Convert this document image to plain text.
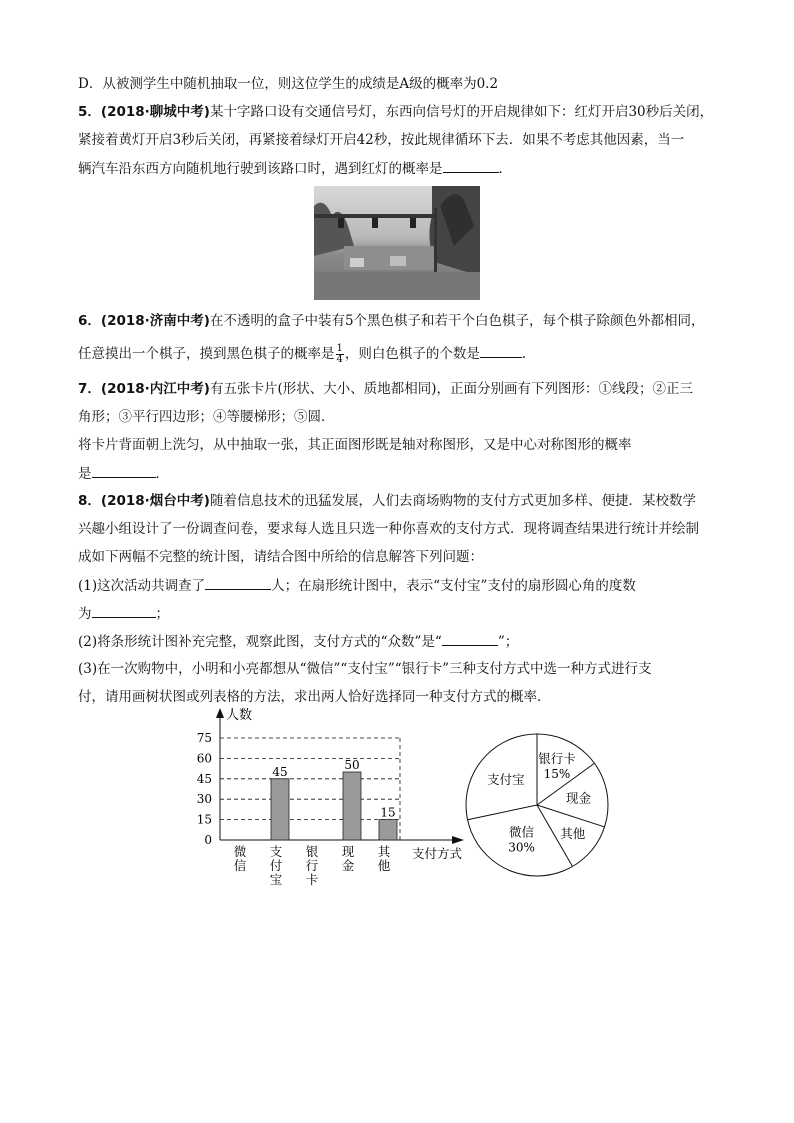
D．从被测学生中随机抽取一位，则这位学生的成绩是A级的概率为0.2
5．(2018·聊城中考)某十字路口设有交通信号灯，东西向信号灯的开启规律如下：红灯开启30秒后关闭，
紧接着黄灯开启3秒后关闭，再紧接着绿灯开启42秒，按此规律循环下去．如果不考虑其他因素，当一
辆汽车沿东西方向随机地行驶到该路口时，遇到红灯的概率是	．
6．(2018·济南中考)在不透明的盒子中装有5个黑色棋子和若干个白色棋子，每个棋子除颜色外都相同，
任意摸出一个棋子，摸到黑色棋子的概率是 $\frac{1}{4}$ ，则白色棋子的个数是	．
7．(2018·内江中考)有五张卡片(形状、大小、质地都相同)，正面分别画有下列图形：①线段；②正三
角形；③平行四边形；④等腰梯形；⑤圆．
将卡片背面朝上洗匀，从中抽取一张，其正面图形既是轴对称图形，又是中心对称图形的概率
是	．
8．(2018·烟台中考)随着信息技术的迅猛发展，人们去商场购物的支付方式更加多样、便捷．某校数学
兴趣小组设计了一份调查问卷，要求每人选且只选一种你喜欢的支付方式．现将调查结果进行统计并绘制
成如下两幅不完整的统计图，请结合图中所给的信息解答下列问题：
(1)这次活动共调查了	人；在扇形统计图中，表示“支付宝”支付的扇形圆心角的度数
为	；
(2)将条形统计图补充完整，观察此图，支付方式的“众数”是“	”；
(3)在一次购物中，小明和小亮都想从“微信”“支付宝”“银行卡”三种支付方式中选一种方式进行支
付，请用画树状图或列表格的方法，求出两人恰好选择同一种支付方式的概率．
人数
0
15
30
45
60
75
微信
45
支付宝
银行卡
50
现金
15
其他
支付方式
银行卡
15%
现金
其他
微信
30%
支付宝
